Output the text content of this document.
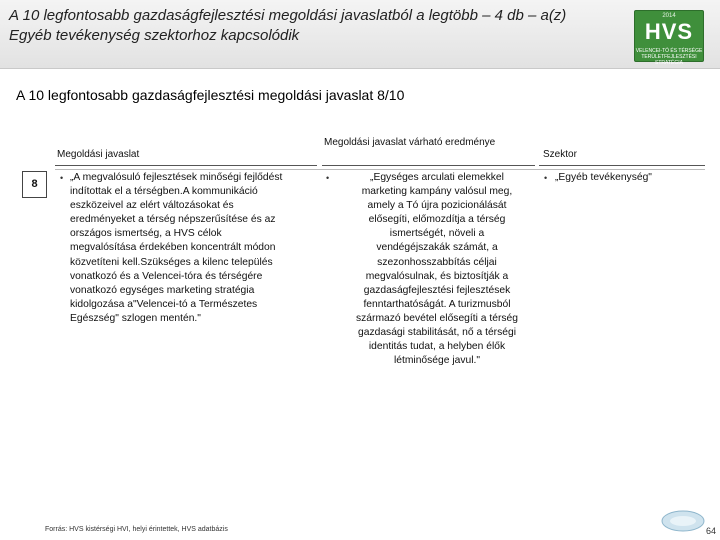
A 10 legfontosabb gazdaságfejlesztési megoldási javaslatból a legtöbb – 4 db – a(z) Egyéb tevékenység szektorhoz kapcsolódik
2014
HVS
VELENCEI-TÓ ÉS TÉRSÉGE TERÜLETFEJLESZTÉSI STRATÉGIA
A 10 legfontosabb gazdaságfejlesztési megoldási javaslat 8/10
Megoldási javaslat
Megoldási javaslat várható eredménye
Szektor
8	• „A megvalósuló fejlesztések minőségi fejlődést
indítottak el a térségben.A kommunikáció
eszközeivel az elért változásokat és
eredményeket a térség népszerűsítése és az
országos ismertség, a HVS célok
megvalósítása érdekében koncentrált módon
közvetíteni kell.Szükséges a kilenc település
vonatkozó és a Velencei-tóra és térségére
vonatkozó egységes marketing stratégia
kidolgozása a"Velencei-tó a Természetes
Egészség" szlogen mentén."
•	„Egységes arculati elemekkel
marketing kampány valósul meg,
amely a Tó újra pozicionálását
elősegíti, előmozdítja a térség
ismertségét, növeli a
vendégéjszakák számát, a
szezonhosszabbítás céljai
megvalósulnak, és biztosítják a
gazdaságfejlesztési fejlesztések
fenntarthatóságát. A turizmusból
származó bevétel elősegíti a térség
gazdasági stabilitását, nő a térségi
identitás tudat, a helyben élők
létminősége javul."
• „Egyéb tevékenység"
Forrás: HVS kistérségi HVI, helyi érintettek, HVS adatbázis	64
